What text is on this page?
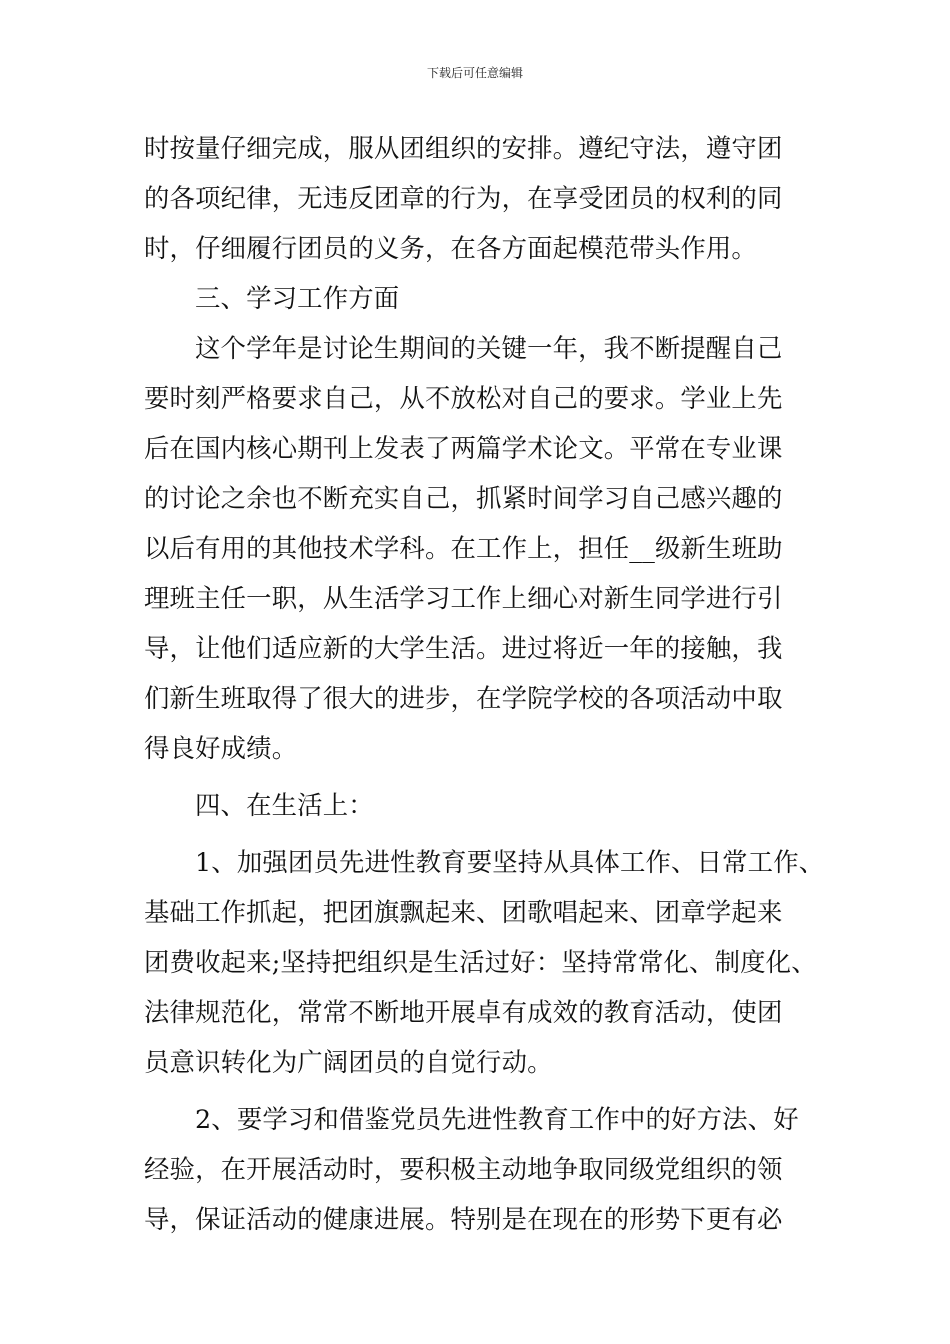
下载后可任意编辑
时按量仔细完成，服从团组织的安排。遵纪守法，遵守团
的各项纪律，无违反团章的行为，在享受团员的权利的同
时，仔细履行团员的义务，在各方面起模范带头作用。
三、学习工作方面
这个学年是讨论生期间的关键一年，我不断提醒自己
要时刻严格要求自己，从不放松对自己的要求。学业上先
后在国内核心期刊上发表了两篇学术论文。平常在专业课
的讨论之余也不断充实自己，抓紧时间学习自己感兴趣的
以后有用的其他技术学科。在工作上，担任__级新生班助
理班主任一职，从生活学习工作上细心对新生同学进行引
导，让他们适应新的大学生活。进过将近一年的接触，我
们新生班取得了很大的进步，在学院学校的各项活动中取
得良好成绩。
四、在生活上：
1、加强团员先进性教育要坚持从具体工作、日常工作、
基础工作抓起，把团旗飘起来、团歌唱起来、团章学起来
团费收起来;坚持把组织是生活过好：坚持常常化、制度化、
法律规范化，常常不断地开展卓有成效的教育活动，使团
员意识转化为广阔团员的自觉行动。
2、要学习和借鉴党员先进性教育工作中的好方法、好
经验，在开展活动时，要积极主动地争取同级党组织的领
导，保证活动的健康进展。特别是在现在的形势下更有必
